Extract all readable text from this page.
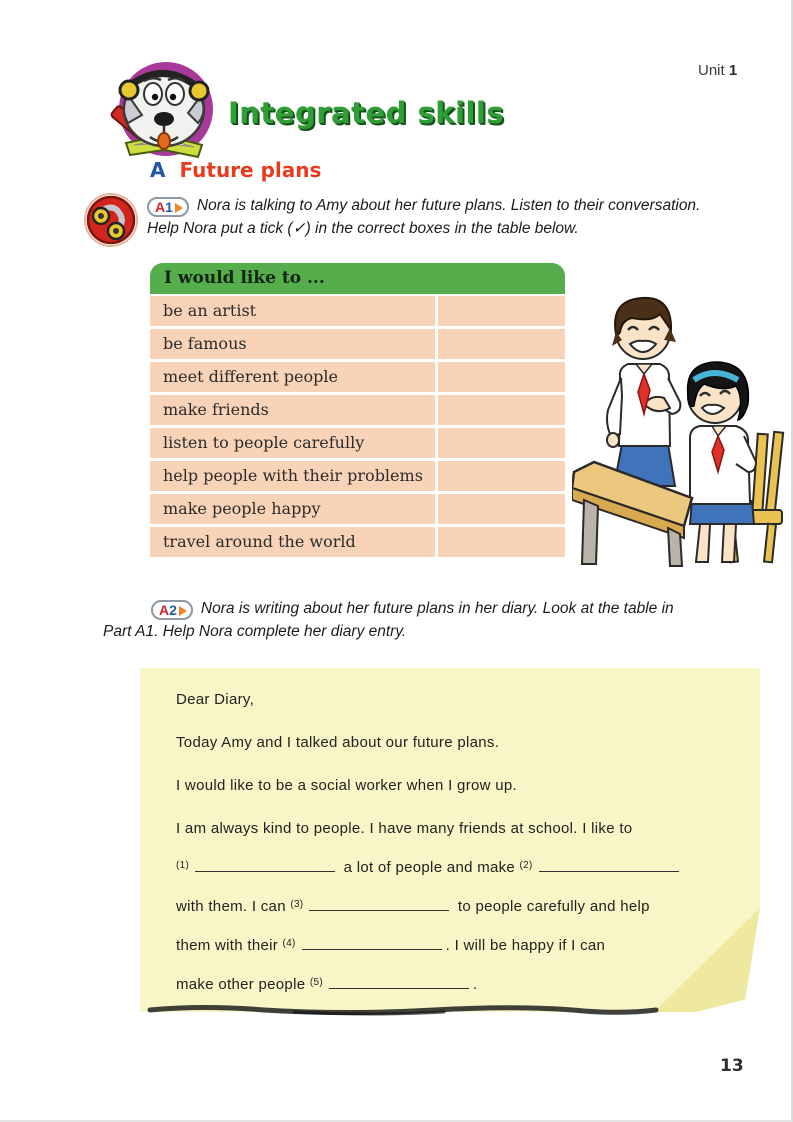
Unit 1
Integrated skills
A Future plans

A1 Nora is talking to Amy about her future plans. Listen to their conversation.
Help Nora put a tick (✓) in the correct boxes in the table below.

I would like to ...
be an artist
be famous
meet different people
make friends
listen to people carefully
help people with their problems
make people happy
travel around the world

A2 Nora is writing about her future plans in her diary. Look at the table in
Part A1. Help Nora complete her diary entry.

Dear Diary,
Today Amy and I talked about our future plans.
I would like to be a social worker when I grow up.
I am always kind to people. I have many friends at school. I like to
$^{(1)}$	a lot of people and make $^{(2)}$
with them. I can $^{(3)}$	to people carefully and help
them with their $^{(4)}$	. I will be happy if I can
make other people $^{(5)}$	.
13
